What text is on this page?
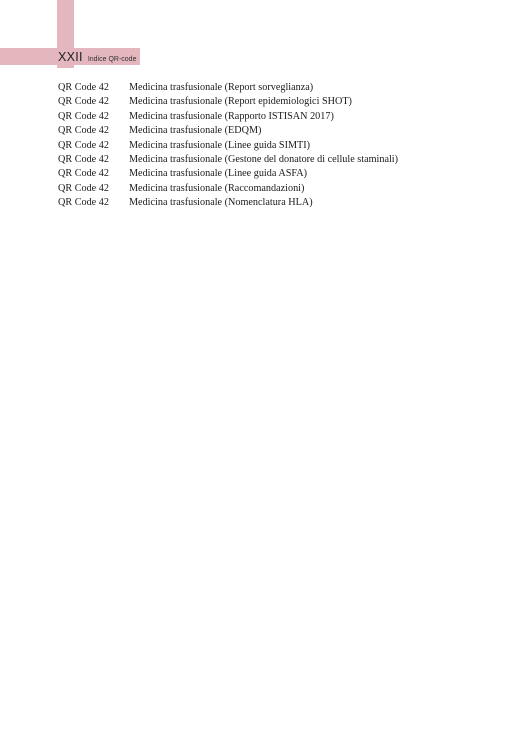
XXII Indice QR-code
QR Code 42	Medicina trasfusionale (Report sorveglianza)
QR Code 42	Medicina trasfusionale (Report epidemiologici SHOT)
QR Code 42	Medicina trasfusionale (Rapporto ISTISAN 2017)
QR Code 42	Medicina trasfusionale (EDQM)
QR Code 42	Medicina trasfusionale (Linee guida SIMTI)
QR Code 42	Medicina trasfusionale (Gestone del donatore di cellule staminali)
QR Code 42	Medicina trasfusionale (Linee guida ASFA)
QR Code 42	Medicina trasfusionale (Raccomandazioni)
QR Code 42	Medicina trasfusionale (Nomenclatura HLA)
